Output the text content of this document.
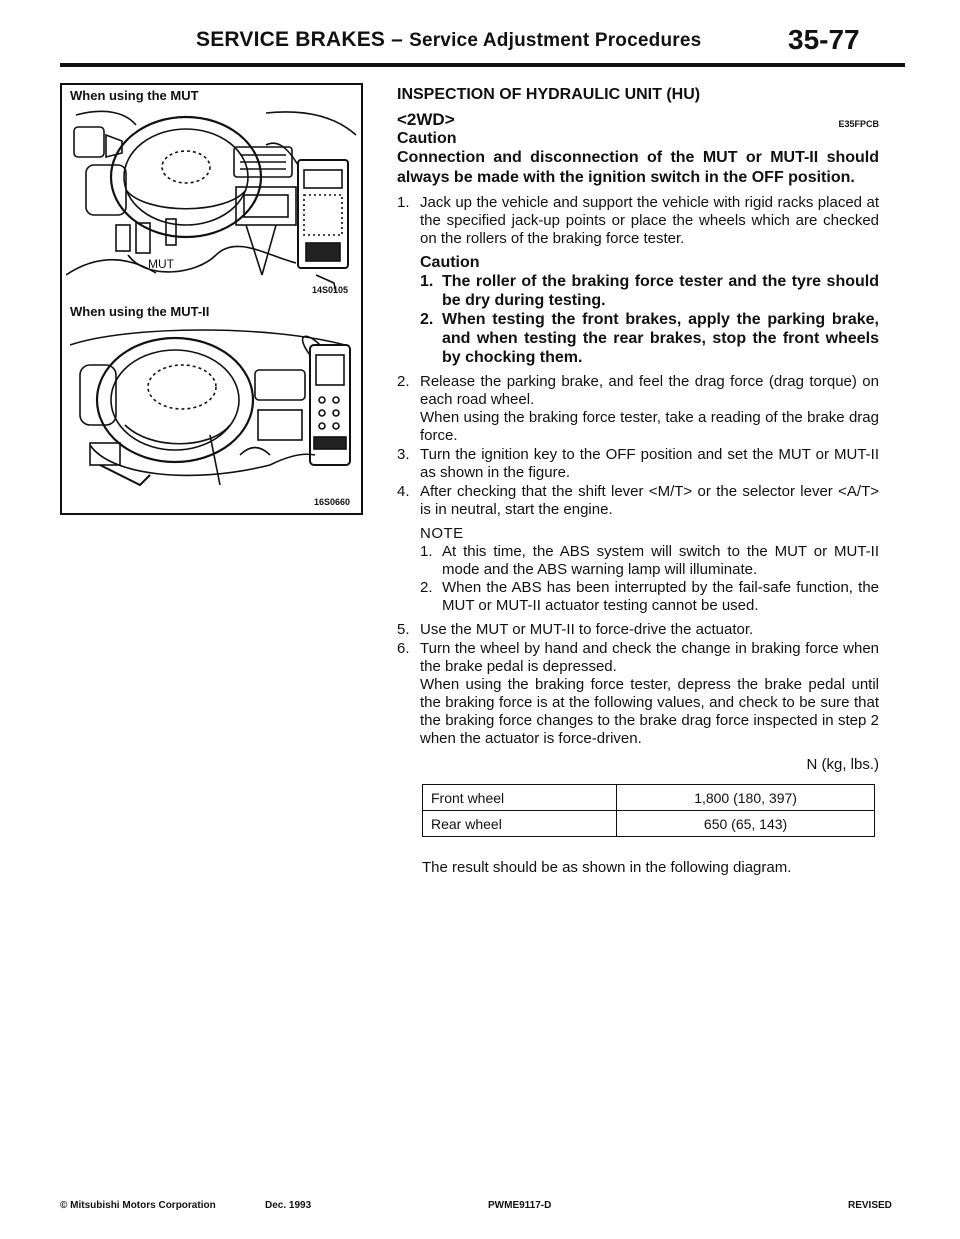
SERVICE BRAKES – Service Adjustment Procedures	35-77
When using the MUT
MUT
14S0105
When using the MUT-II
16S0660
INSPECTION OF HYDRAULIC UNIT (HU)
<2WD>	E35FPCB
Caution
Connection and disconnection of the MUT or MUT-II should always be made with the ignition switch in the OFF position.
1. Jack up the vehicle and support the vehicle with rigid racks placed at the specified jack-up points or place the wheels which are checked on the rollers of the braking force tester.
Caution
1. The roller of the braking force tester and the tyre should be dry during testing.
2. When testing the front brakes, apply the parking brake, and when testing the rear brakes, stop the front wheels by chocking them.
2. Release the parking brake, and feel the drag force (drag torque) on each road wheel.
When using the braking force tester, take a reading of the brake drag force.
3. Turn the ignition key to the OFF position and set the MUT or MUT-II as shown in the figure.
4. After checking that the shift lever <M/T> or the selector lever <A/T> is in neutral, start the engine.
NOTE
1. At this time, the ABS system will switch to the MUT or MUT-II mode and the ABS warning lamp will illuminate.
2. When the ABS has been interrupted by the fail-safe function, the MUT or MUT-II actuator testing cannot be used.
5. Use the MUT or MUT-II to force-drive the actuator.
6. Turn the wheel by hand and check the change in braking force when the brake pedal is depressed.
When using the braking force tester, depress the brake pedal until the braking force is at the following values, and check to be sure that the braking force changes to the brake drag force inspected in step 2 when the actuator is force-driven.
N (kg, lbs.)
Front wheel	1,800 (180, 397)
Rear wheel	650 (65, 143)
The result should be as shown in the following diagram.
© Mitsubishi Motors Corporation	Dec. 1993	PWME9117-D	REVISED
